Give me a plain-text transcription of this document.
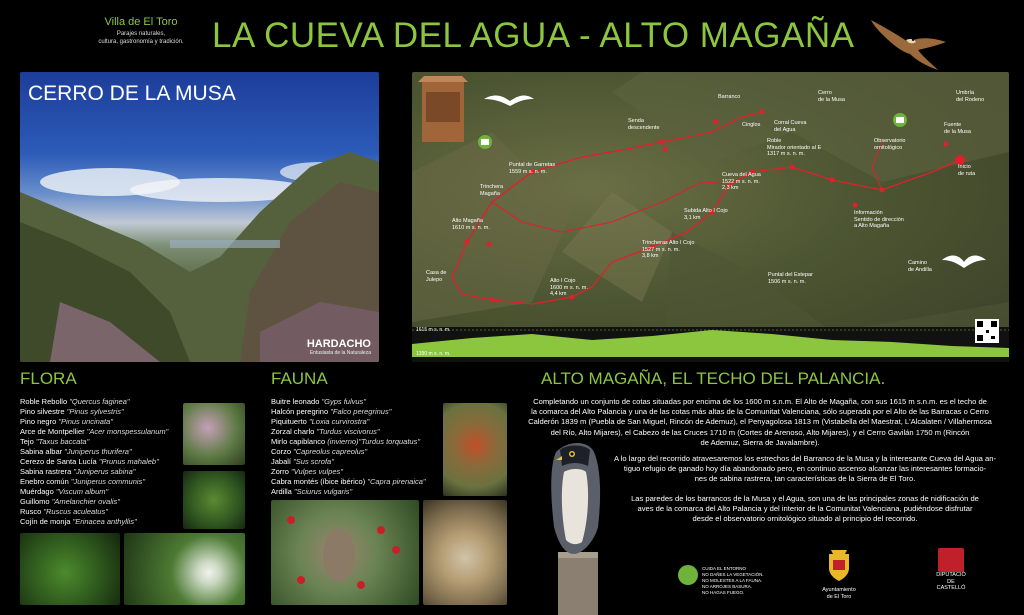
Villa de El Toro
Parajes naturales,
cultura, gastronomía y tradición. LA CUEVA DEL AGUA - ALTO MAGAÑA
CERRO DE LA MUSA
HARDACHO
Entusiasta de la Naturaleza
Barranco
Cerro
de la Musa
Umbría
del Rodeno
Senda
descendente
Corral Cueva
del Agua
Cinglos
Roble
Mirador orientado al E
1317 m s. n. m.
Observatorio
ornitológico
Fuente
de la Musa
Inicio
de ruta
Puntal de Garretas
1559 m s. n. m.
Trinchera
Magaña
Cueva del Agua
1522 m s. n. m.
2,3 km
Subida Alto I Cojo
3,1 km
Información
Sentido de dirección
a Alto Magaña
Alto Magaña
1610 m s. n. m.
Trincheras Alto I Cojo
1527 m s. n. m.
3,8 km
Casa de
Julepo	Alto I Cojo
1600 m s. n. m.
4,4 km
Puntal del Estepar
1506 m s. n. m.
Camino
de Andilla
1615 m s. n. m.
1390 m s. n. m.
FLORA
Roble Rebollo "Quercus faginea"
Pino silvestre "Pinus sylvestris"
Pino negro "Pinus uncinata"
Arce de Montpellier "Acer monspessulanum"
Tejo "Taxus baccata"
Sabina albar "Juniperus thurifera"
Cerezo de Santa Lucía "Prunus mahaleb"
Sabina rastrera "Juniperus sabina"
Enebro común "Juniperus communis"
Muérdago "Viscum album"
Guillomo "Amelanchier ovalis"
Rusco "Ruscus aculeatus"
Cojín de monja "Erinacea anthyllis"
FAUNA
Buitre leonado "Gyps fulvus"
Halcón peregrino "Falco peregrinus"
Piquituerto "Loxia curvirostra"
Zorzal charlo "Turdus viscivorus"
Mirlo capiblanco (invierno)"Turdus torquatus"
Corzo "Capreolus capreolus"
Jabalí "Sus scrofa"
Zorro "Vulpes vulpes"
Cabra montés (íbice ibérico) "Capra pirenaica"
Ardilla "Sciurus vulgaris"
ALTO MAGAÑA, EL TECHO DEL PALANCIA.
Completando un conjunto de cotas situadas por encima de los 1600 m s.n.m. El Alto de Magaña, con sus 1615 m s.n.m. es el techo de
la comarca del Alto Palancia y una de las cotas más altas de la Comunitat Valenciana, sólo superada por el Alto de las Barracas o Cerro
Calderón 1839 m (Puebla de San Miguel, Rincón de Ademuz), el Penyagolosa 1813 m (Vistabella del Maestrat, L'Alcalaten / Villahermosa
del Río, Alto Mijares), el Cabezo de las Cruces 1710 m (Cortes de Arenoso, Alto Mijares), y el Cerro Gavilán 1750 m (Rincón
de Ademuz, Sierra de Javalambre).
A lo largo del recorrido atravesaremos los estrechos del Barranco de la Musa y la interesante Cueva del Agua an-
tiguo refugio de ganado hoy día abandonado pero, en continuo ascenso alcanzar las interesantes formacio-
nes de sabina rastrera, tan características de la Sierra de El Toro.
Las paredes de los barrancos de la Musa y el Agua, son una de las principales zonas de nidificación de
aves de la comarca del Alto Palancia y del interior de la Comunitat Valenciana, pudiéndose disfrutar
desde el observatorio ornitológico situado al principio del recorrido.
CUIDA EL ENTORNO
NO DAÑES LA VEGETACIÓN.
NO MOLESTES A LA FAUNA.
NO ARROJES BASURA.
NO HAGAS FUEGO.	Ayuntamiento
de El Toro
DIPUTACIÓ
DE
CASTELLÓ
